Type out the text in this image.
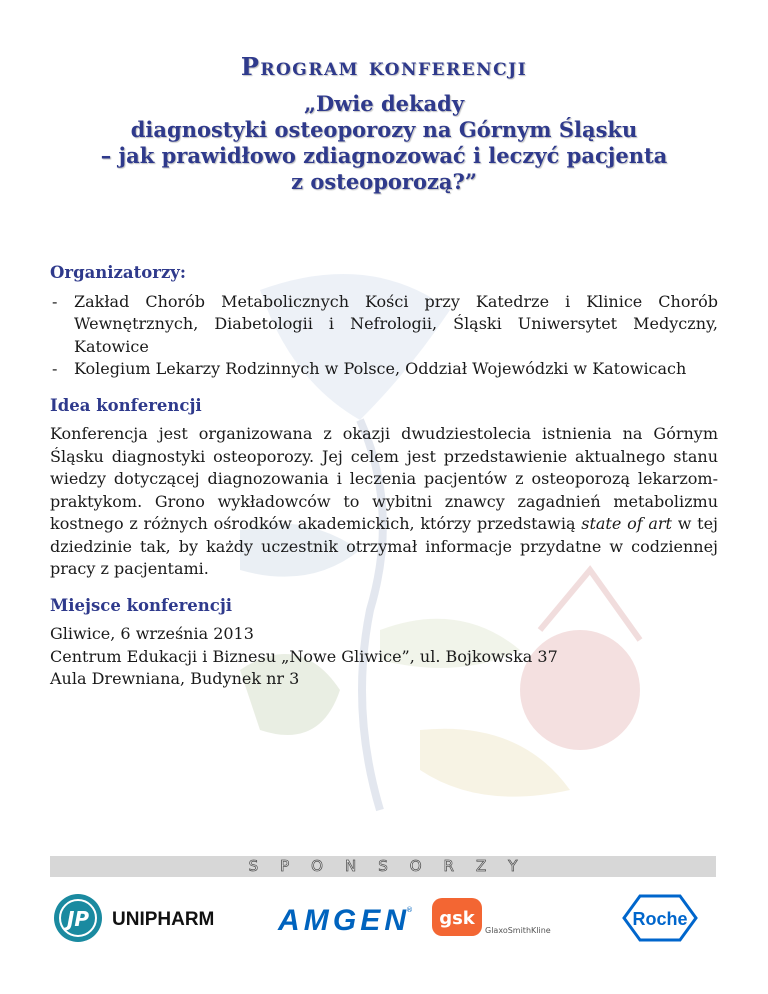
Program konferencji
„Dwie dekady
diagnostyki osteoporozy na Górnym Śląsku
– jak prawidłowo zdiagnozować i leczyć pacjenta
z osteoporozą?”
Organizatorzy:
- Zakład Chorób Metabolicznych Kości przy Katedrze i Klinice Chorób Wewnętrznych, Diabetologii i Nefrologii, Śląski Uniwersytet Medyczny, Katowice
- Kolegium Lekarzy Rodzinnych w Polsce, Oddział Wojewódzki w Katowicach
Idea konferencji

Konferencja jest organizowana z okazji dwudziestolecia istnienia na Górnym Śląsku diagnostyki osteoporozy. Jej celem jest przedstawienie aktualnego stanu wiedzy dotyczącej diagnozowania i leczenia pacjentów z osteoporozą lekarzom-praktykom. Grono wykładowców to wybitni znawcy zagadnień metabolizmu kostnego z różnych ośrodków akademickich, którzy przedstawią state of art w tej dziedzinie tak, by każdy uczestnik otrzymał informacje przydatne w codziennej pracy z pacjentami.

Miejsce konferencji
Gliwice, 6 września 2013
Centrum Edukacji i Biznesu „Nowe Gliwice”, ul. Bojkowska 37
Aula Drewniana, Budynek nr 3
SPONSORZY
JP UNIPHARM AMGEN ® gsk
GlaxoSmithKline
Roche
